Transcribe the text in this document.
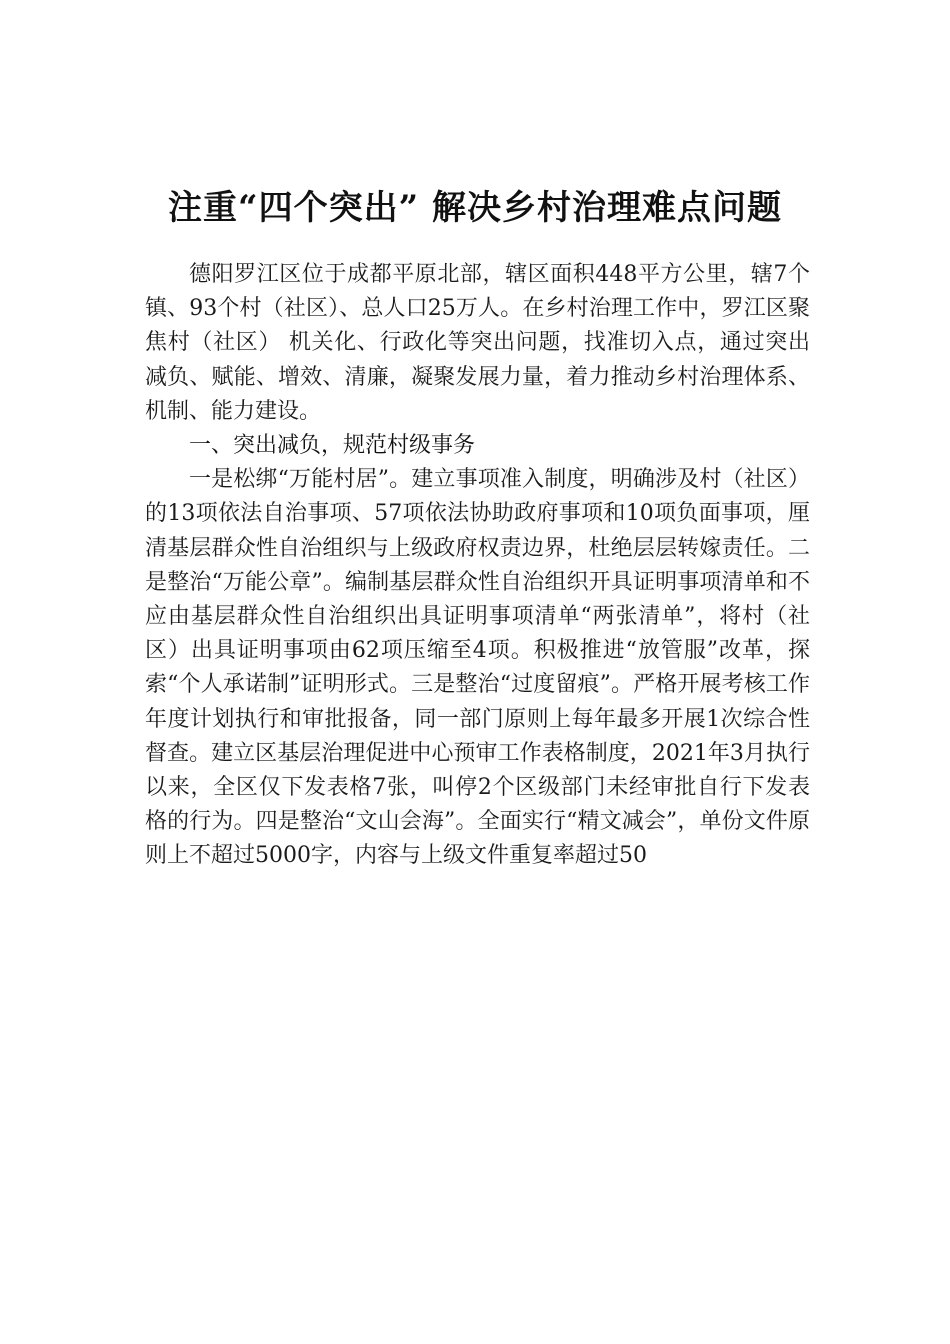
注重“四个突出” 解决乡村治理难点问题

德阳罗江区位于成都平原北部，辖区面积448平方公里，辖7个镇、93个村（社区）、总人口25万人。在乡村治理工作中，罗江区聚焦村（社区） 机关化、行政化等突出问题，找准切入点，通过突出减负、赋能、增效、清廉，凝聚发展力量，着力推动乡村治理体系、机制、能力建设。

一、突出减负，规范村级事务

一是松绑“万能村居”。建立事项准入制度，明确涉及村（社区）的13项依法自治事项、57项依法协助政府事项和10项负面事项，厘清基层群众性自治组织与上级政府权责边界，杜绝层层转嫁责任。二是整治“万能公章”。编制基层群众性自治组织开具证明事项清单和不应由基层群众性自治组织出具证明事项清单“两张清单”，将村（社区）出具证明事项由62项压缩至4项。积极推进“放管服”改革，探索“个人承诺制”证明形式。三是整治“过度留痕”。严格开展考核工作年度计划执行和审批报备，同一部门原则上每年最多开展1次综合性督查。建立区基层治理促进中心预审工作表格制度，2021年3月执行以来，全区仅下发表格7张，叫停2个区级部门未经审批自行下发表格的行为。四是整治“文山会海”。全面实行“精文减会”，单份文件原则上不超过5000字，内容与上级文件重复率超过50
